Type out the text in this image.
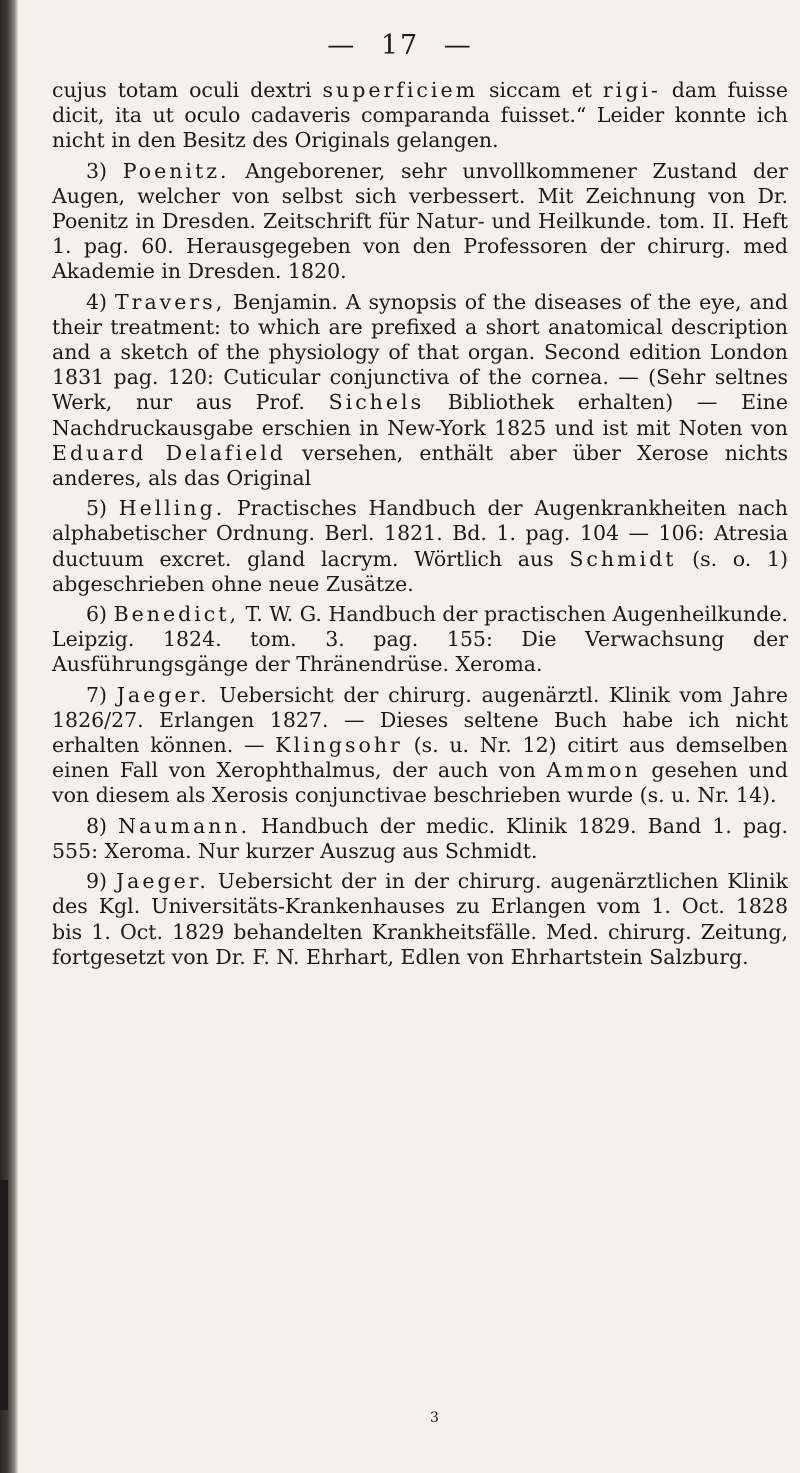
— 17 —

cujus totam oculi dextri superficiem siccam et rigi- dam fuisse dicit, ita ut oculo cadaveris comparanda fuisset.“ Leider konnte ich nicht in den Besitz des Originals gelangen.

3) Poenitz. Angeborener, sehr unvollkommener Zustand der Augen, welcher von selbst sich verbessert. Mit Zeichnung von Dr. Poenitz in Dresden. Zeitschrift für Natur- und Heilkunde. tom. II. Heft 1. pag. 60. Herausgegeben von den Professoren der chirurg. med Akademie in Dresden. 1820.

4) Travers, Benjamin. A synopsis of the diseases of the eye, and their treatment: to which are prefixed a short anatomical description and a sketch of the physiology of that organ. Second edition London 1831 pag. 120: Cuticular conjunctiva of the cornea. — (Sehr seltnes Werk, nur aus Prof. Sichels Bibliothek erhalten) — Eine Nachdruckausgabe erschien in New-York 1825 und ist mit Noten von Eduard Delafield versehen, enthält aber über Xerose nichts anderes, als das Original

5) Helling. Practisches Handbuch der Augenkrankheiten nach alphabetischer Ordnung. Berl. 1821. Bd. 1. pag. 104 — 106: Atresia ductuum excret. gland lacrym. Wörtlich aus Schmidt (s. o. 1) abgeschrieben ohne neue Zusätze.

6) Benedict, T. W. G. Handbuch der practischen Augenheilkunde. Leipzig. 1824. tom. 3. pag. 155: Die Verwachsung der Ausführungsgänge der Thränendrüse. Xeroma.

7) Jaeger. Uebersicht der chirurg. augenärztl. Klinik vom Jahre 1826/27. Erlangen 1827. — Dieses seltene Buch habe ich nicht erhalten können. — Klingsohr (s. u. Nr. 12) citirt aus demselben einen Fall von Xerophthalmus, der auch von Ammon gesehen und von diesem als Xerosis conjunctivae beschrieben wurde (s. u. Nr. 14).

8) Naumann. Handbuch der medic. Klinik 1829. Band 1. pag. 555: Xeroma. Nur kurzer Auszug aus Schmidt.

9) Jaeger. Uebersicht der in der chirurg. augenärztlichen Klinik des Kgl. Universitäts-Krankenhauses zu Erlangen vom 1. Oct. 1828 bis 1. Oct. 1829 behandelten Krankheitsfälle. Med. chirurg. Zeitung, fortgesetzt von Dr. F. N. Ehrhart, Edlen von Ehrhartstein Salzburg.

3
